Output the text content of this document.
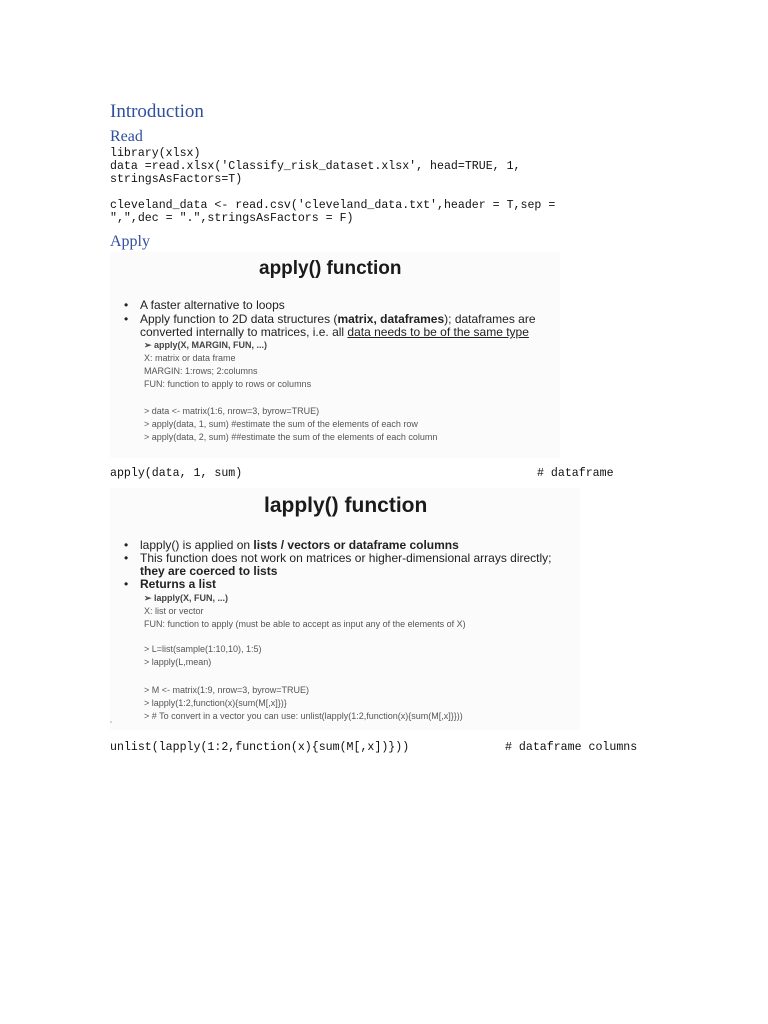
Introduction
Read
library(xlsx)
data =read.xlsx('Classify_risk_dataset.xlsx', head=TRUE, 1,
stringsAsFactors=T)

cleveland_data <- read.csv('cleveland_data.txt',header = T,sep =
",",dec = ".",stringsAsFactors = F)
Apply
apply() function
• A faster alternative to loops
• Apply function to 2D data structures (matrix, dataframes); dataframes are
converted internally to matrices, i.e. all data needs to be of the same type
➢ apply(X, MARGIN, FUN, ...)
X: matrix or data frame
MARGIN: 1:rows; 2:columns
FUN: function to apply to rows or columns
> data <- matrix(1:6, nrow=3, byrow=TRUE)
> apply(data, 1, sum) #estimate the sum of the elements of each row
> apply(data, 2, sum) ##estimate the sum of the elements of each column
apply(data, 1, sum)	# dataframe
lapply() function
• lapply() is applied on lists / vectors or dataframe columns
• This function does not work on matrices or higher-dimensional arrays directly;
they are coerced to lists
• Returns a list
➢ lapply(X, FUN, ...)
X: list or vector
FUN: function to apply (must be able to accept as input any of the elements of X)
> L=list(sample(1:10,10), 1:5)
> lapply(L,mean)
> M <- matrix(1:9, nrow=3, byrow=TRUE)
> lapply(1:2,function(x){sum(M[,x]})}
> # To convert in a vector you can use: unlist(lapply(1:2,function(x){sum(M[,x]}}))
“
unlist(lapply(1:2,function(x){sum(M[,x])}))	# dataframe columns
